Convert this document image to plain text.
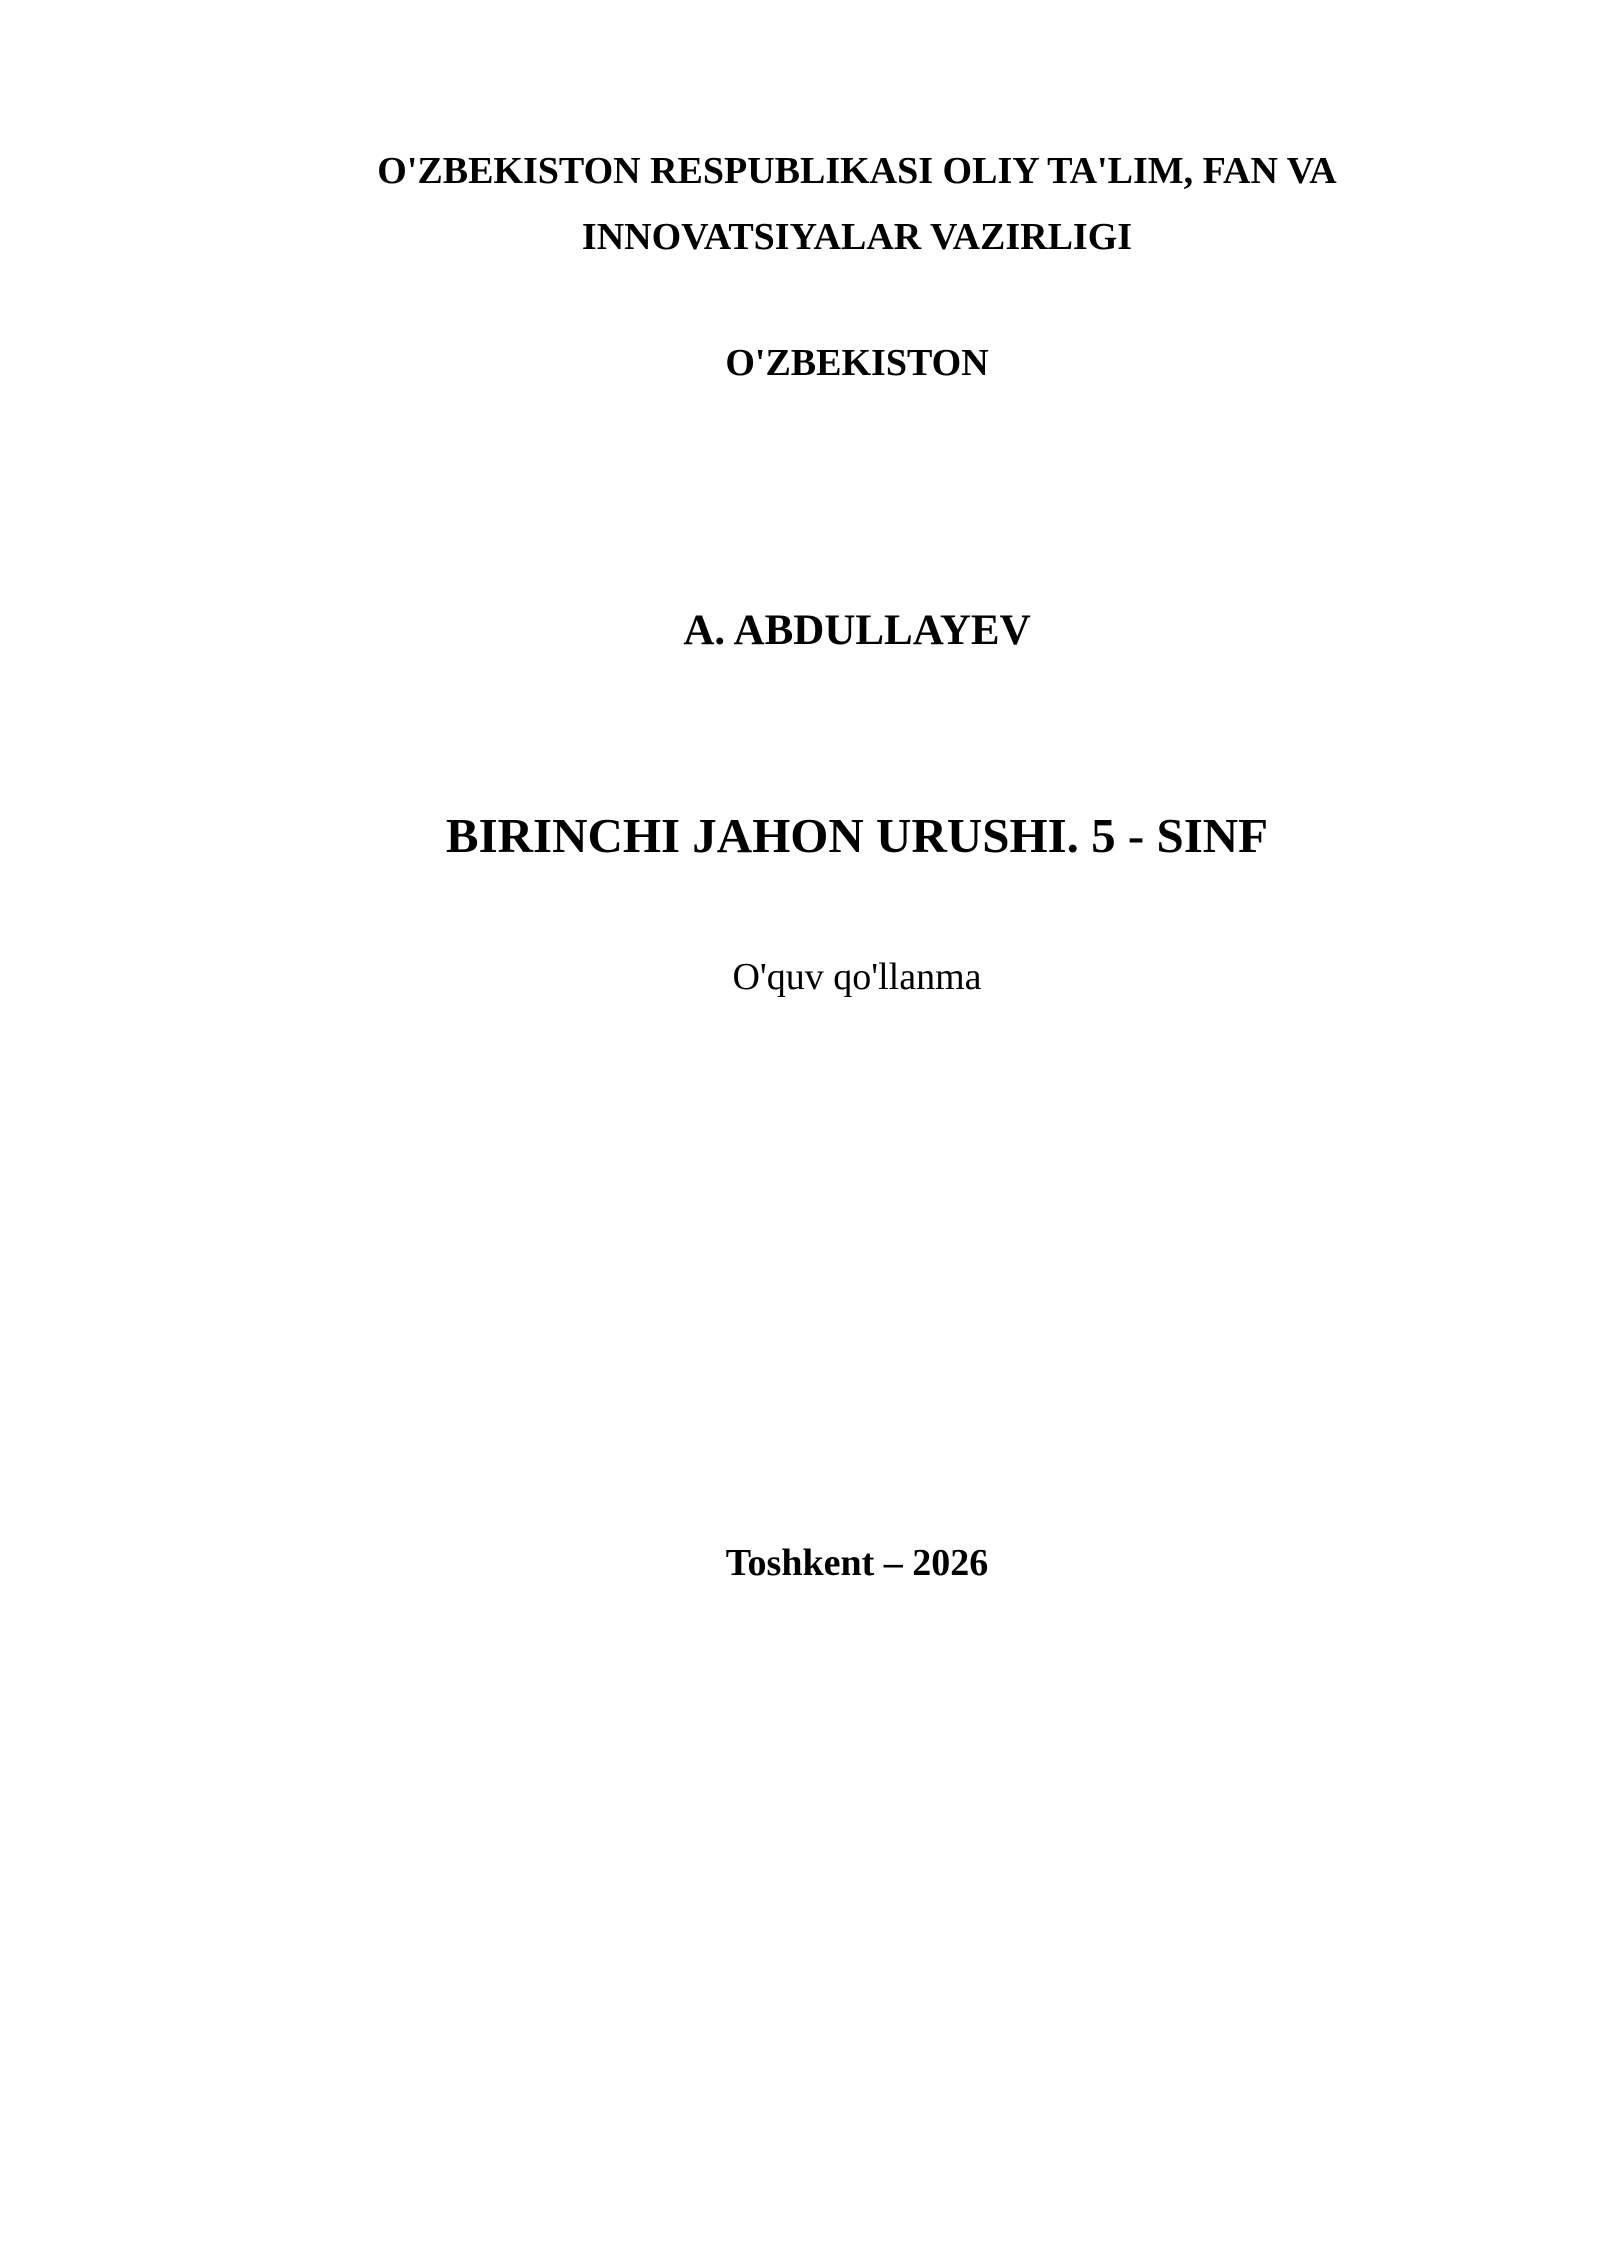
O'ZBEKISTON RESPUBLIKASI OLIY TA'LIM, FAN VA
INNOVATSIYALAR VAZIRLIGI
O'ZBEKISTON
A. ABDULLAYEV
BIRINCHI JAHON URUSHI. 5 - SINF
O'quv qo'llanma
Toshkent – 2026
